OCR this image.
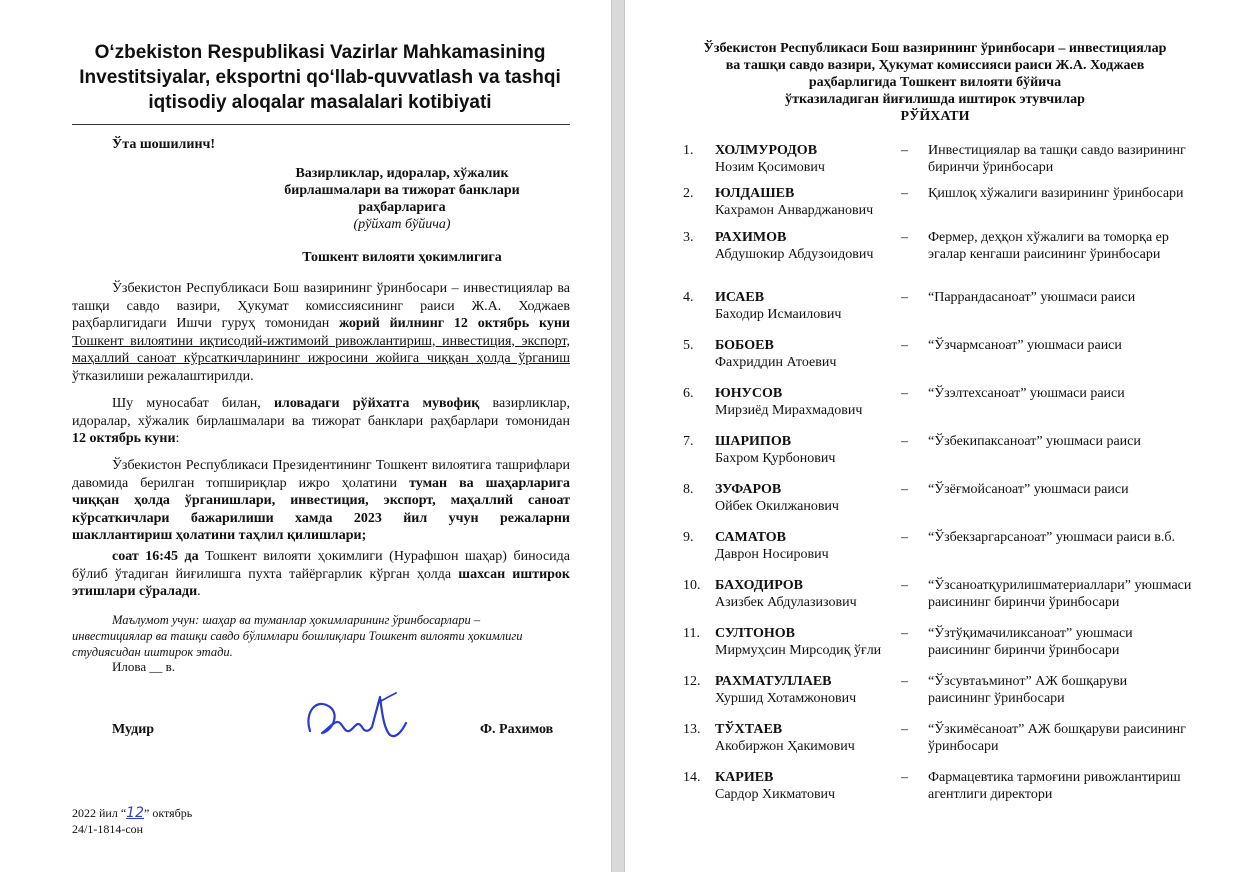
O‘zbekiston Respublikasi Vazirlar Mahkamasining
Investitsiyalar, eksportni qo‘llab-quvvatlash va tashqi
iqtisodiy aloqalar masalalari kotibiyati
Ўта шошилинч!
Вазирликлар, идоралар, хўжалик
бирлашмалари ва тижорат банклари
раҳбарларига
(рўйхат бўйича)
Тошкент вилояти ҳокимлигига
Ўзбекистон Республикаси Бош вазирининг ўринбосари – инвестициялар ва
ташқи савдо вазири, Ҳукумат комиссиясининг раиси Ж.А. Ходжаев
раҳбарлигидаги Ишчи гуруҳ томонидан жорий йилнинг 12 октябрь куни
Тошкент вилоятини иқтисодий-ижтимоий ривожлантириш, инвестиция, экспорт,
маҳаллий саноат кўрсаткичларининг ижросини жойига чиққан ҳолда ўрганиш
ўтказилиши режалаштирилди.
Шу муносабат билан, иловадаги рўйхатга мувофиқ вазирликлар,
идоралар, хўжалик бирлашмалари ва тижорат банклари раҳбарлари томонидан
12 октябрь куни:
Ўзбекистон Республикаси Президентининг Тошкент вилоятига ташрифлари
давомида берилган топшириқлар ижро ҳолатини туман ва шаҳарларига
чиққан ҳолда ўрганишлари, инвестиция, экспорт, маҳаллий саноат
кўрсаткичлари бажарилиши хамда 2023 йил учун режаларни
шакллантириш ҳолатини таҳлил қилишлари;
соат 16:45 да Тошкент вилояти ҳокимлиги (Нурафшон шаҳар) биносида
бўлиб ўтадиган йиғилишга пухта тайёргарлик кўрган ҳолда шахсан иштирок
этишлари сўралади.
Маълумот учун: шаҳар ва туманлар ҳокимларининг ўринбосарлари –
инвестициялар ва ташқи савдо бўлимлари бошлиқлари Тошкент вилояти ҳокимлиги
студиясидан иштирок этади.
Илова __ в.
Мудир	Ф. Рахимов
2022 йил “12” октябрь
24/1-1814-сон
Ўзбекистон Республикаси Бош вазирининг ўринбосари – инвестициялар
ва ташқи савдо вазири, Ҳукумат комиссияси раиси Ж.А. Ходжаев
раҳбарлигида Тошкент вилояти бўйича
ўтказиладиган йиғилишда иштирок этувчилар
РЎЙХАТИ
1.	ХОЛМУРОДОВ
Нозим Қосимович
– Инвестициялар ва ташқи савдо вазирининг
биринчи ўринбосари
2.	ЮЛДАШЕВ
Кахрамон Анварджанович
– Қишлоқ хўжалиги вазирининг ўринбосари
3.	РАХИМОВ
Абдушокир Абдузоидович
– Фермер, деҳқон хўжалиги ва томорқа ер
эгалар кенгаши раисининг ўринбосари
4.	ИСАЕВ
Баходир Исмаилович
– “Паррандасаноат” уюшмаси раиси
5.	БОБОЕВ
Фахриддин Атоевич
– “Ўзчармсаноат” уюшмаси раиси
6.	ЮНУСОВ
Мирзиёд Мирахмадович
– “Ўзэлтехсаноат” уюшмаси раиси
7.	ШАРИПОВ
Бахром Қурбонович
– “Ўзбекипаксаноат” уюшмаси раиси
8.	ЗУФАРОВ
Ойбек Окилжанович
– “Ўзёғмойсаноат” уюшмаси раиси
9.	САМАТОВ
Даврон Носирович
– “Ўзбекзаргарсаноат” уюшмаси раиси в.б.
10.	БАХОДИРОВ
Азизбек Абдулазизович
– “Ўзсаноатқурилишматериаллари” уюшмаси
раисининг биринчи ўринбосари
11.	СУЛТОНОВ
Мирмуҳсин Мирсодиқ ўғли
– “Ўзтўқимачиликсаноат” уюшмаси
раисининг биринчи ўринбосари
12.	РАХМАТУЛЛАЕВ
Хуршид Хотамжонович
– “Ўзсувтаъминот” АЖ бошқаруви
раисининг ўринбосари
13.	ТЎХТАЕВ
Акобиржон Ҳакимович
– “Ўзкимёсаноат” АЖ бошқаруви раисининг
ўринбосари
14.	КАРИЕВ
Сардор Хикматович
– Фармацевтика тармоғини ривожлантириш
агентлиги директори
